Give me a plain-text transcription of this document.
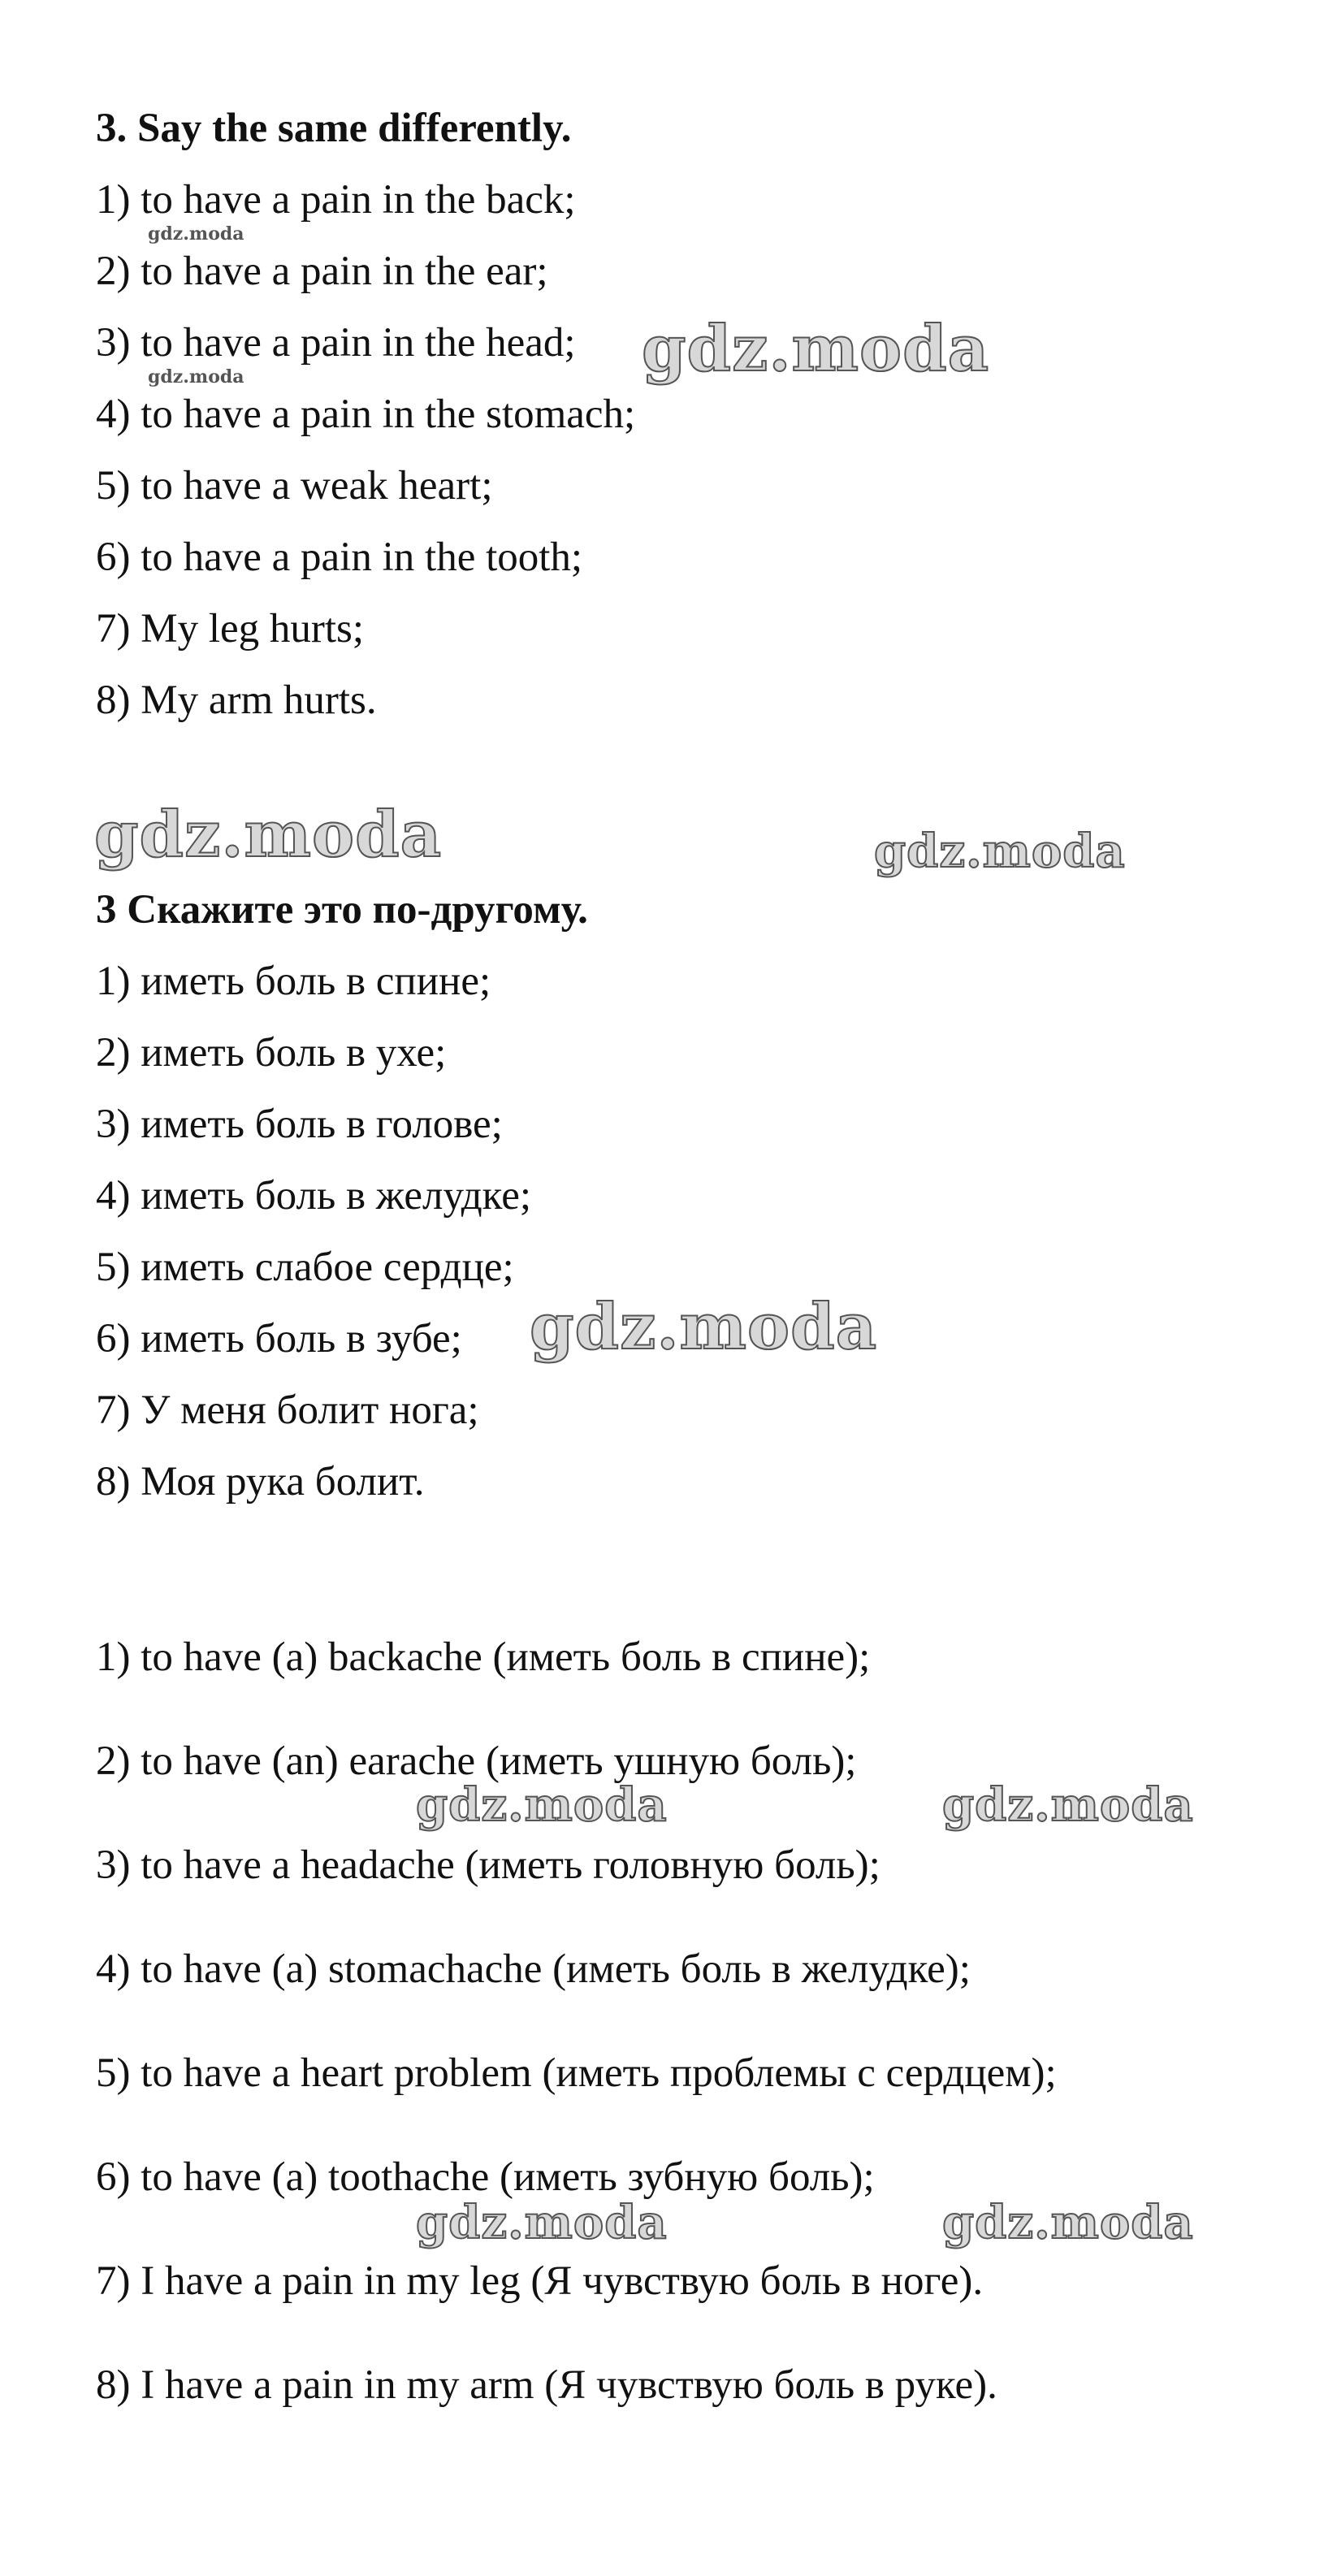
3. Say the same differently.
1) to have a pain in the back;
2) to have a pain in the ear;
3) to have a pain in the head;
4) to have a pain in the stomach;
5) to have a weak heart;
6) to have a pain in the tooth;
7) My leg hurts;
8) My arm hurts.
3 Скажите это по-другому.
1) иметь боль в спине;
2) иметь боль в ухе;
3) иметь боль в голове;
4) иметь боль в желудке;
5) иметь слабое сердце;
6) иметь боль в зубе;
7) У меня болит нога;
8) Моя рука болит.
1) to have (a) backache (иметь боль в спине);
2) to have (an) earache (иметь ушную боль);
3) to have a headache (иметь головную боль);
4) to have (a) stomachache (иметь боль в желудке);
5) to have a heart problem (иметь проблемы с сердцем);
6) to have (a) toothache (иметь зубную боль);
7) I have a pain in my leg (Я чувствую боль в ноге).
8) I have a pain in my arm (Я чувствую боль в руке).
gdz.moda
gdz.moda	gdz.moda
gdz.moda	gdz.moda
gdz.moda
gdz.moda	gdz.moda
gdz.moda	gdz.moda
